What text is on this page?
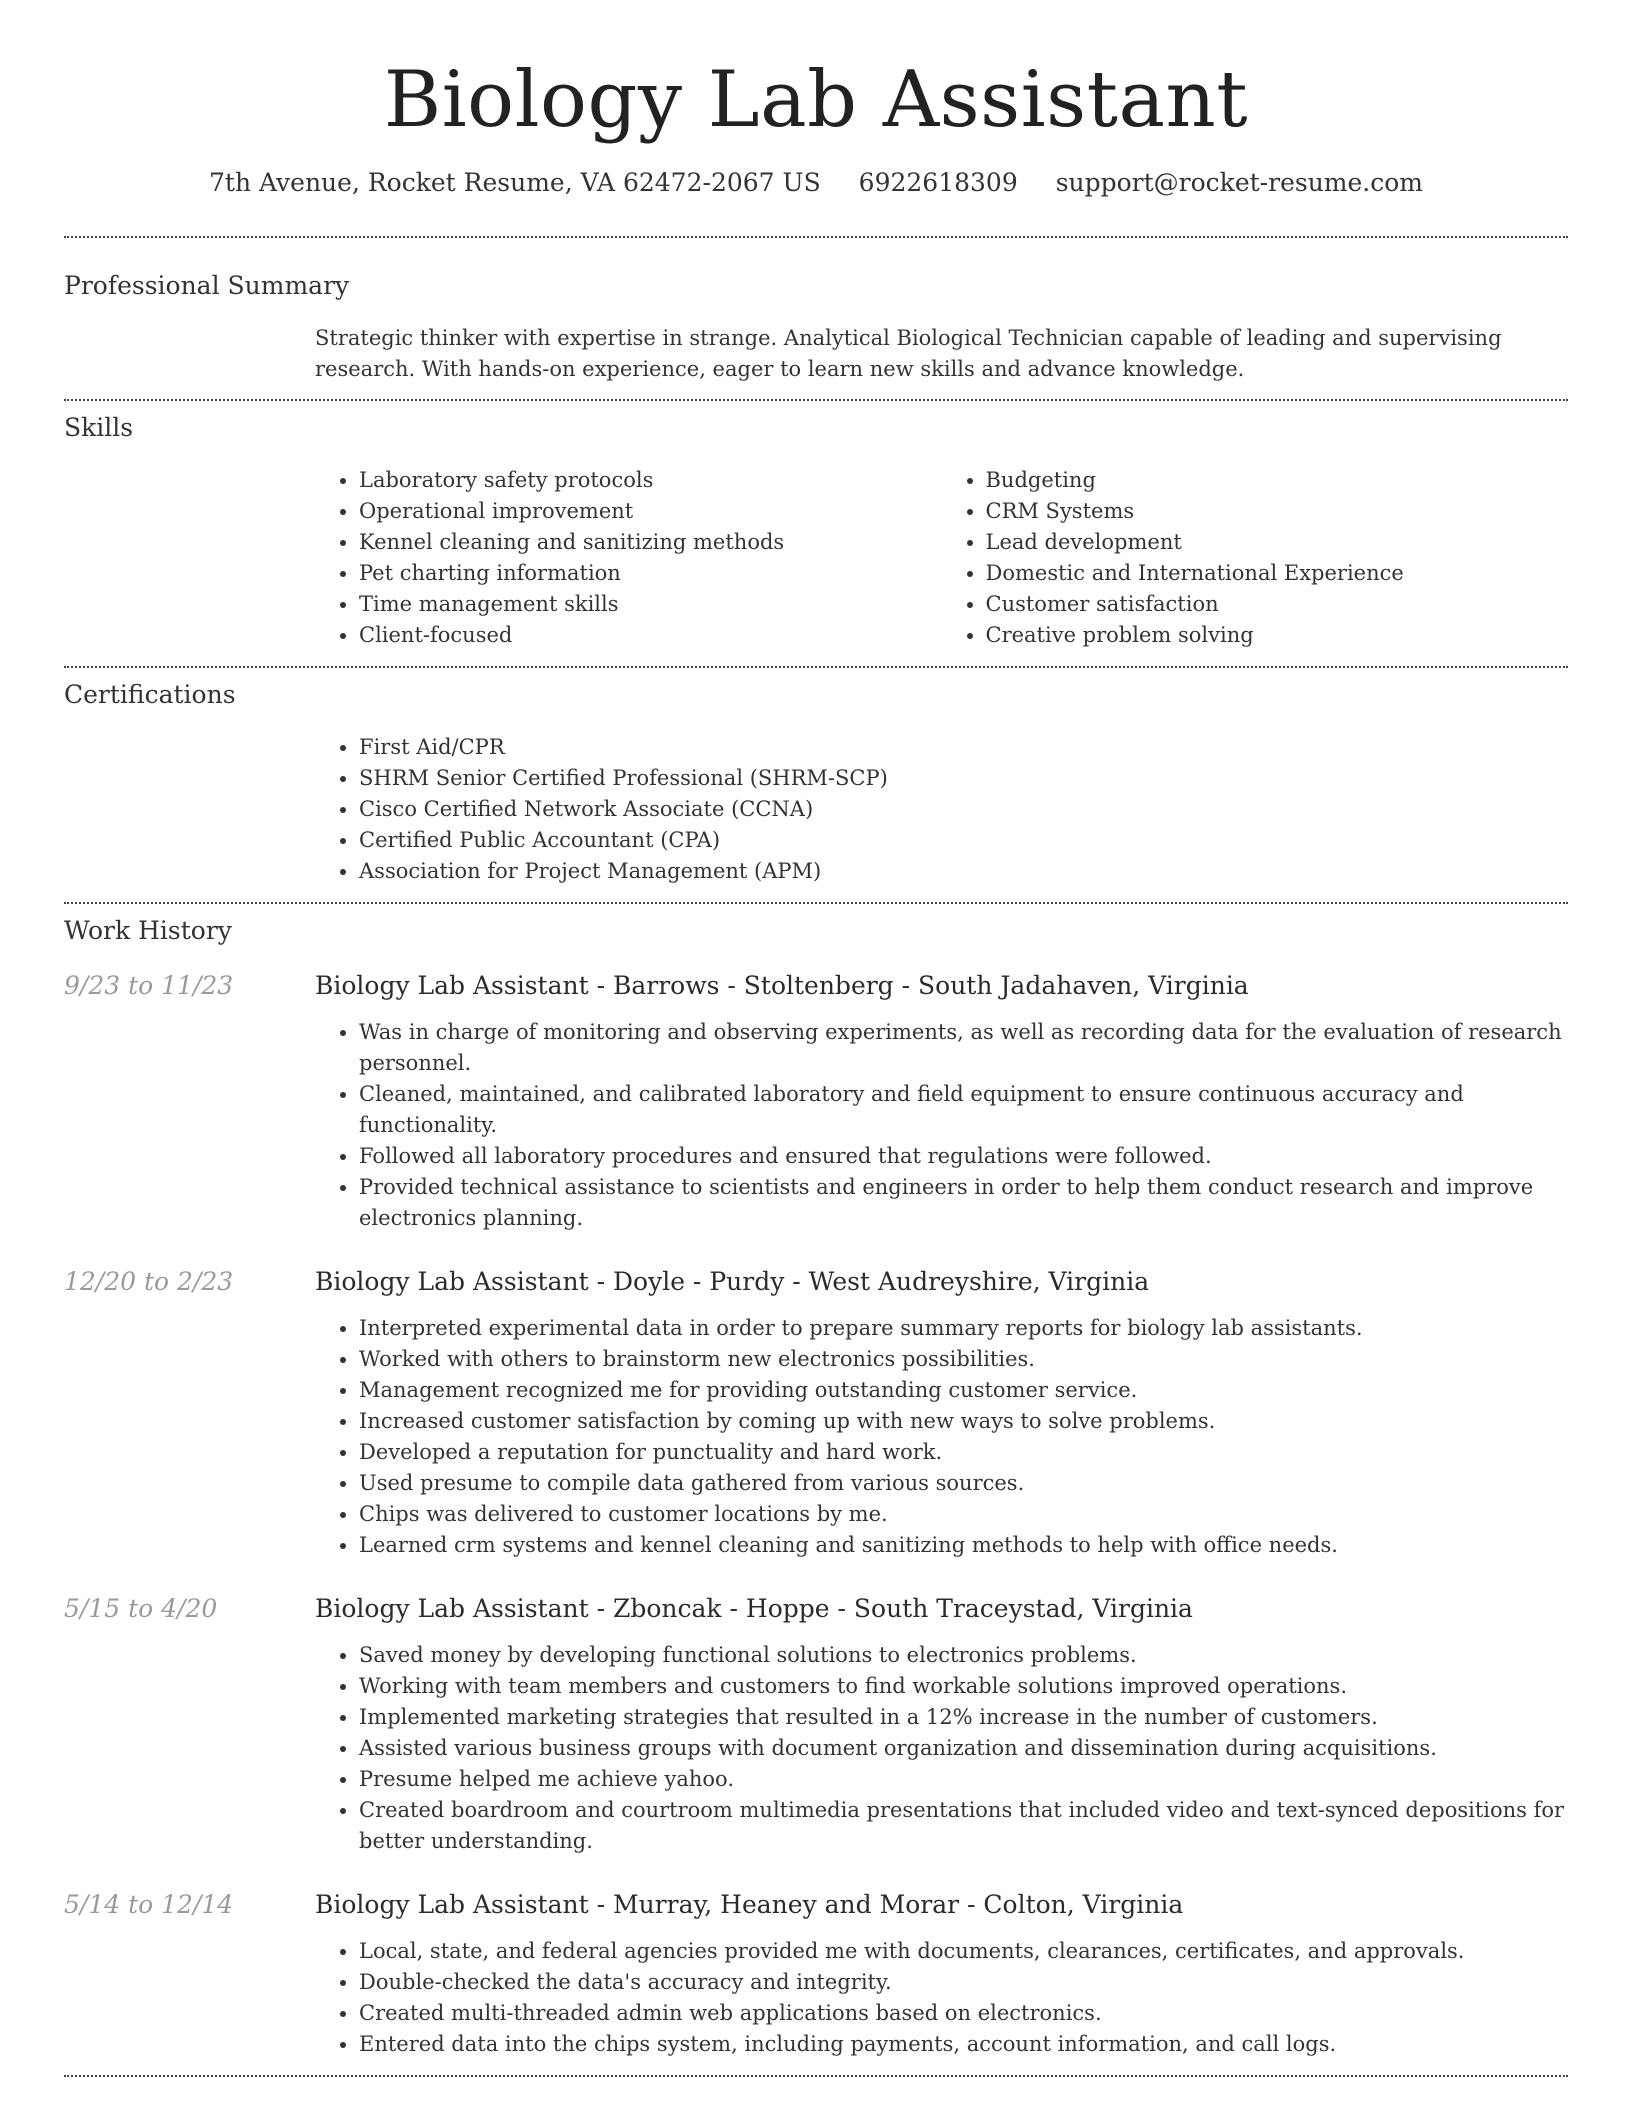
Biology Lab Assistant
7th Avenue, Rocket Resume, VA 62472-2067 US 6922618309 support@rocket-resume.com
Professional Summary
Strategic thinker with expertise in strange. Analytical Biological Technician capable of leading and supervising research. With hands-on experience, eager to learn new skills and advance knowledge.
Skills
• Laboratory safety protocols
• Operational improvement
• Kennel cleaning and sanitizing methods
• Pet charting information
• Time management skills
• Client-focused
• Budgeting
• CRM Systems
• Lead development
• Domestic and International Experience
• Customer satisfaction
• Creative problem solving
Certifications
• First Aid/CPR
• SHRM Senior Certified Professional (SHRM-SCP)
• Cisco Certified Network Associate (CCNA)
• Certified Public Accountant (CPA)
• Association for Project Management (APM)
Work History
9/23 to 11/23	Biology Lab Assistant - Barrows - Stoltenberg - South Jadahaven, Virginia
• Was in charge of monitoring and observing experiments, as well as recording data for the evaluation of research personnel.
• Cleaned, maintained, and calibrated laboratory and field equipment to ensure continuous accuracy and functionality.
• Followed all laboratory procedures and ensured that regulations were followed.
• Provided technical assistance to scientists and engineers in order to help them conduct research and improve electronics planning.
12/20 to 2/23	Biology Lab Assistant - Doyle - Purdy - West Audreyshire, Virginia
• Interpreted experimental data in order to prepare summary reports for biology lab assistants.
• Worked with others to brainstorm new electronics possibilities.
• Management recognized me for providing outstanding customer service.
• Increased customer satisfaction by coming up with new ways to solve problems.
• Developed a reputation for punctuality and hard work.
• Used presume to compile data gathered from various sources.
• Chips was delivered to customer locations by me.
• Learned crm systems and kennel cleaning and sanitizing methods to help with office needs.
5/15 to 4/20	Biology Lab Assistant - Zboncak - Hoppe - South Traceystad, Virginia
• Saved money by developing functional solutions to electronics problems.
• Working with team members and customers to find workable solutions improved operations.
• Implemented marketing strategies that resulted in a 12% increase in the number of customers.
• Assisted various business groups with document organization and dissemination during acquisitions.
• Presume helped me achieve yahoo.
• Created boardroom and courtroom multimedia presentations that included video and text-synced depositions for better understanding.
5/14 to 12/14	Biology Lab Assistant - Murray, Heaney and Morar - Colton, Virginia
• Local, state, and federal agencies provided me with documents, clearances, certificates, and approvals.
• Double-checked the data's accuracy and integrity.
• Created multi-threaded admin web applications based on electronics.
• Entered data into the chips system, including payments, account information, and call logs.
